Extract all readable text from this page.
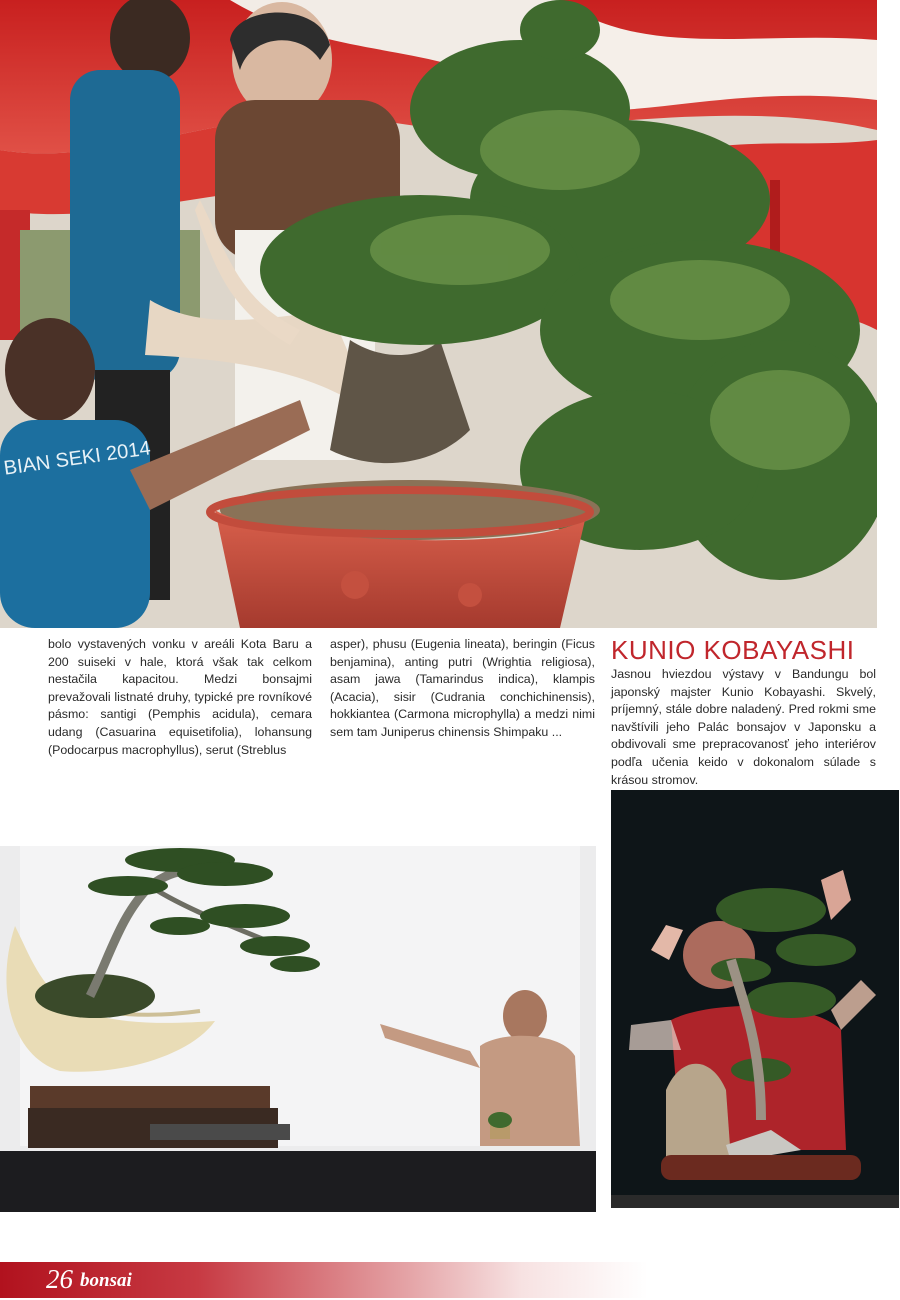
BIAN SEKI 2014

bolo vystavených vonku v areáli Kota Baru a 200 suiseki v hale, ktorá však tak celkom nestačila kapacitou. Medzi bonsajmi prevažovali listnaté druhy, typické pre rovníkové pásmo: santigi (Pemphis acidula), cemara udang (Casuarina equisetifolia), lohansung (Podocarpus macrophyllus), serut (Streblus

asper), phusu (Eugenia lineata), beringin (Ficus benjamina), anting putri (Wrightia religiosa), asam jawa (Tamarindus indica), klampis (Acacia), sisir (Cudrania conchichinensis), hokkiantea (Carmona microphylla) a medzi nimi sem tam Juniperus chinensis Shimpaku ...

KUNIO KOBAYASHI

Jasnou hviezdou výstavy v Bandungu bol japonský majster Kunio Kobayashi. Skvelý, príjemný, stále dobre naladený. Pred rokmi sme navštívili jeho Palác bonsajov v Japonsku a obdivovali sme prepracovanosť jeho interiérov podľa učenia keido v dokonalom súlade s krásou stromov.

26 bonsai
